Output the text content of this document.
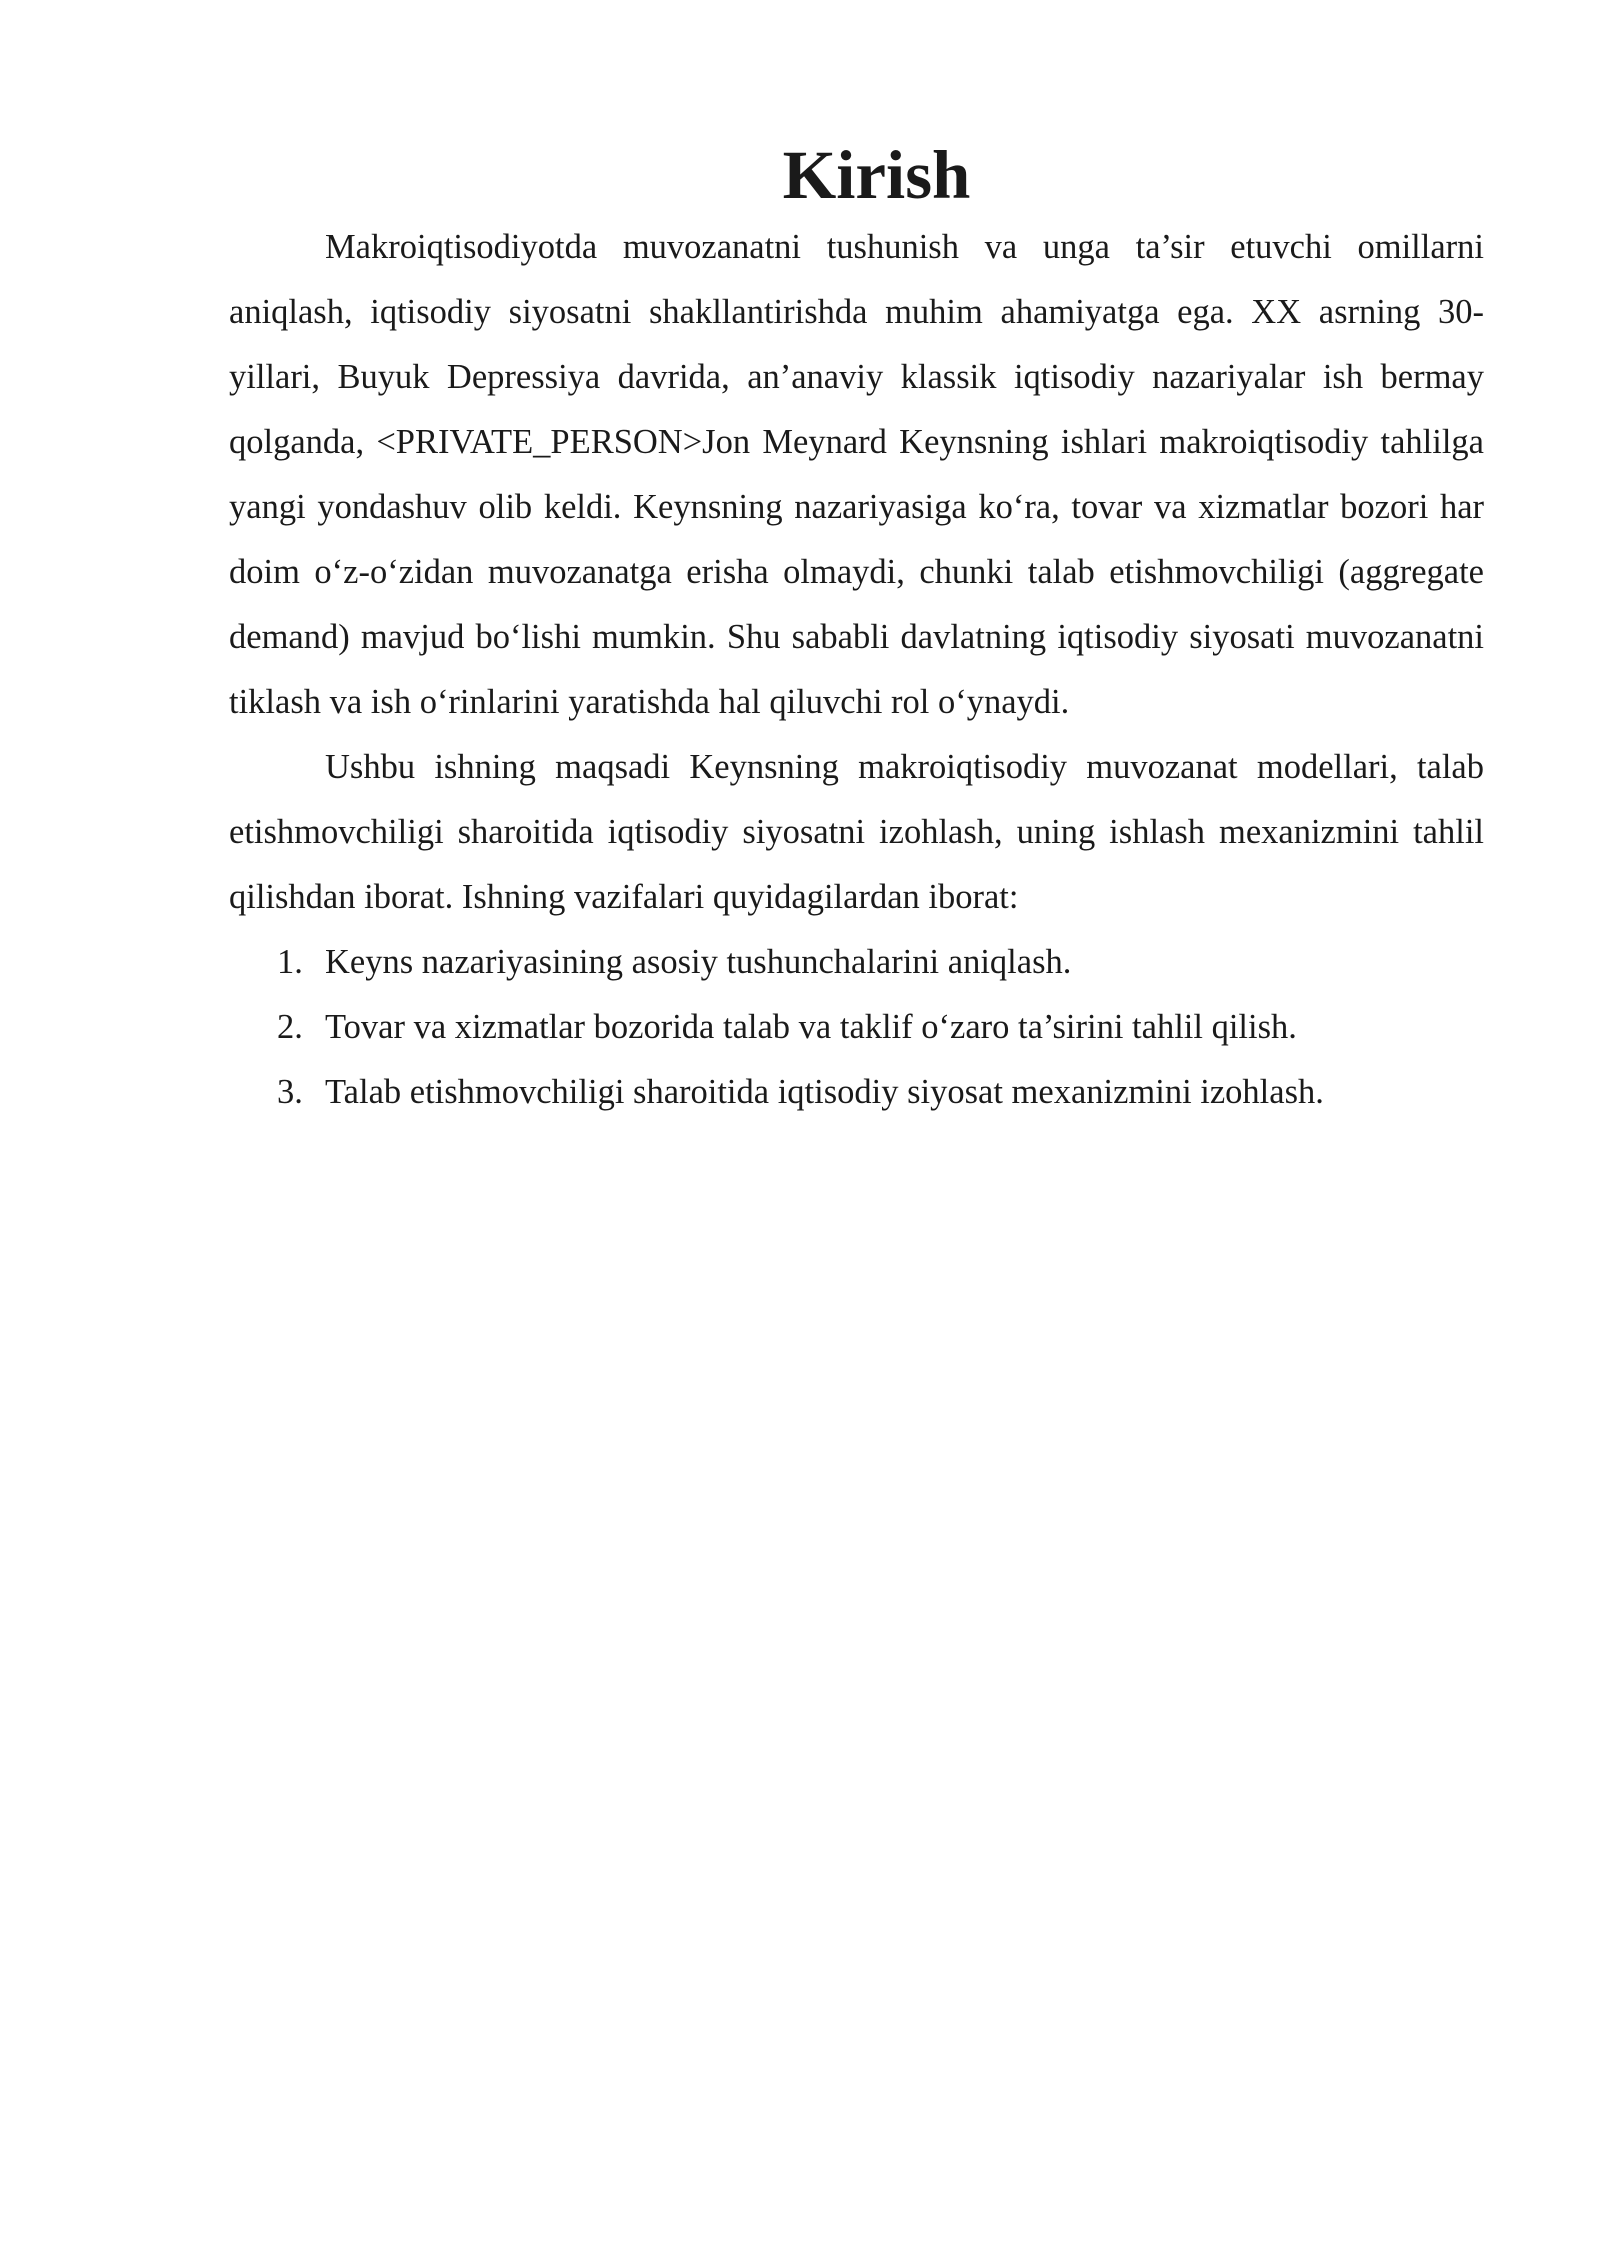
Kirish

Makroiqtisodiyotda muvozanatni tushunish va unga ta’sir etuvchi omillarni aniqlash, iqtisodiy siyosatni shakllantirishda muhim ahamiyatga ega. XX asrning 30-yillari, Buyuk Depressiya davrida, an’anaviy klassik iqtisodiy nazariyalar ish bermay qolganda, <PRIVATE_PERSON>Jon Meynard Keynsning ishlari makroiqtisodiy tahlilga yangi yondashuv olib keldi. Keynsning nazariyasiga ko‘ra, tovar va xizmatlar bozori har doim o‘z-o‘zidan muvozanatga erisha olmaydi, chunki talab etishmovchiligi (aggregate demand) mavjud bo‘lishi mumkin. Shu sababli davlatning iqtisodiy siyosati muvozanatni tiklash va ish o‘rinlarini yaratishda hal qiluvchi rol o‘ynaydi.

Ushbu ishning maqsadi Keynsning makroiqtisodiy muvozanat modellari, talab etishmovchiligi sharoitida iqtisodiy siyosatni izohlash, uning ishlash mexanizmini tahlil qilishdan iborat. Ishning vazifalari quyidagilardan iborat:

1. Keyns nazariyasining asosiy tushunchalarini aniqlash.
2. Tovar va xizmatlar bozorida talab va taklif o‘zaro ta’sirini tahlil qilish.
3. Talab etishmovchiligi sharoitida iqtisodiy siyosat mexanizmini izohlash.
